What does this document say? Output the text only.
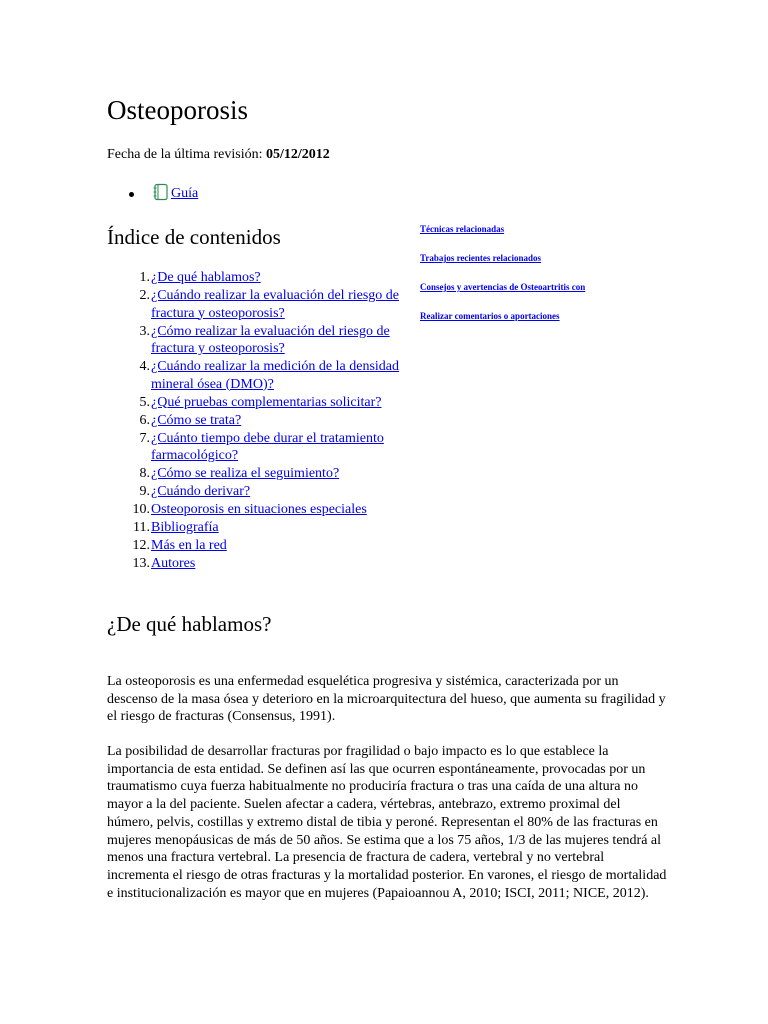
Osteoporosis
Fecha de la última revisión: 05/12/2012
Guía
Índice de contenidos
1. ¿De qué hablamos?
2. ¿Cuándo realizar la evaluación del riesgo de fractura y osteoporosis?
3. ¿Cómo realizar la evaluación del riesgo de fractura y osteoporosis?
4. ¿Cuándo realizar la medición de la densidad mineral ósea (DMO)?
5. ¿Qué pruebas complementarias solicitar?
6. ¿Cómo se trata?
7. ¿Cuánto tiempo debe durar el tratamiento farmacológico?
8. ¿Cómo se realiza el seguimiento?
9. ¿Cuándo derivar?
10. Osteoporosis en situaciones especiales
11. Bibliografía
12. Más en la red
13. Autores
Técnicas relacionadas
Trabajos recientes relacionados
Consejos y avertencias de Osteoartritis con
Realizar comentarios o aportaciones
¿De qué hablamos?

La osteoporosis es una enfermedad esquelética progresiva y sistémica, caracterizada por un descenso de la masa ósea y deterioro en la microarquitectura del hueso, que aumenta su fragilidad y el riesgo de fracturas (Consensus, 1991).

La posibilidad de desarrollar fracturas por fragilidad o bajo impacto es lo que establece la importancia de esta entidad. Se definen así las que ocurren espontáneamente, provocadas por un traumatismo cuya fuerza habitualmente no produciría fractura o tras una caída de una altura no mayor a la del paciente. Suelen afectar a cadera, vértebras, antebrazo, extremo proximal del húmero, pelvis, costillas y extremo distal de tibia y peroné. Representan el 80% de las fracturas en mujeres menopáusicas de más de 50 años. Se estima que a los 75 años, 1/3 de las mujeres tendrá al menos una fractura vertebral. La presencia de fractura de cadera, vertebral y no vertebral incrementa el riesgo de otras fracturas y la mortalidad posterior. En varones, el riesgo de mortalidad e institucionalización es mayor que en mujeres (Papaioannou A, 2010; ISCI, 2011; NICE, 2012).
